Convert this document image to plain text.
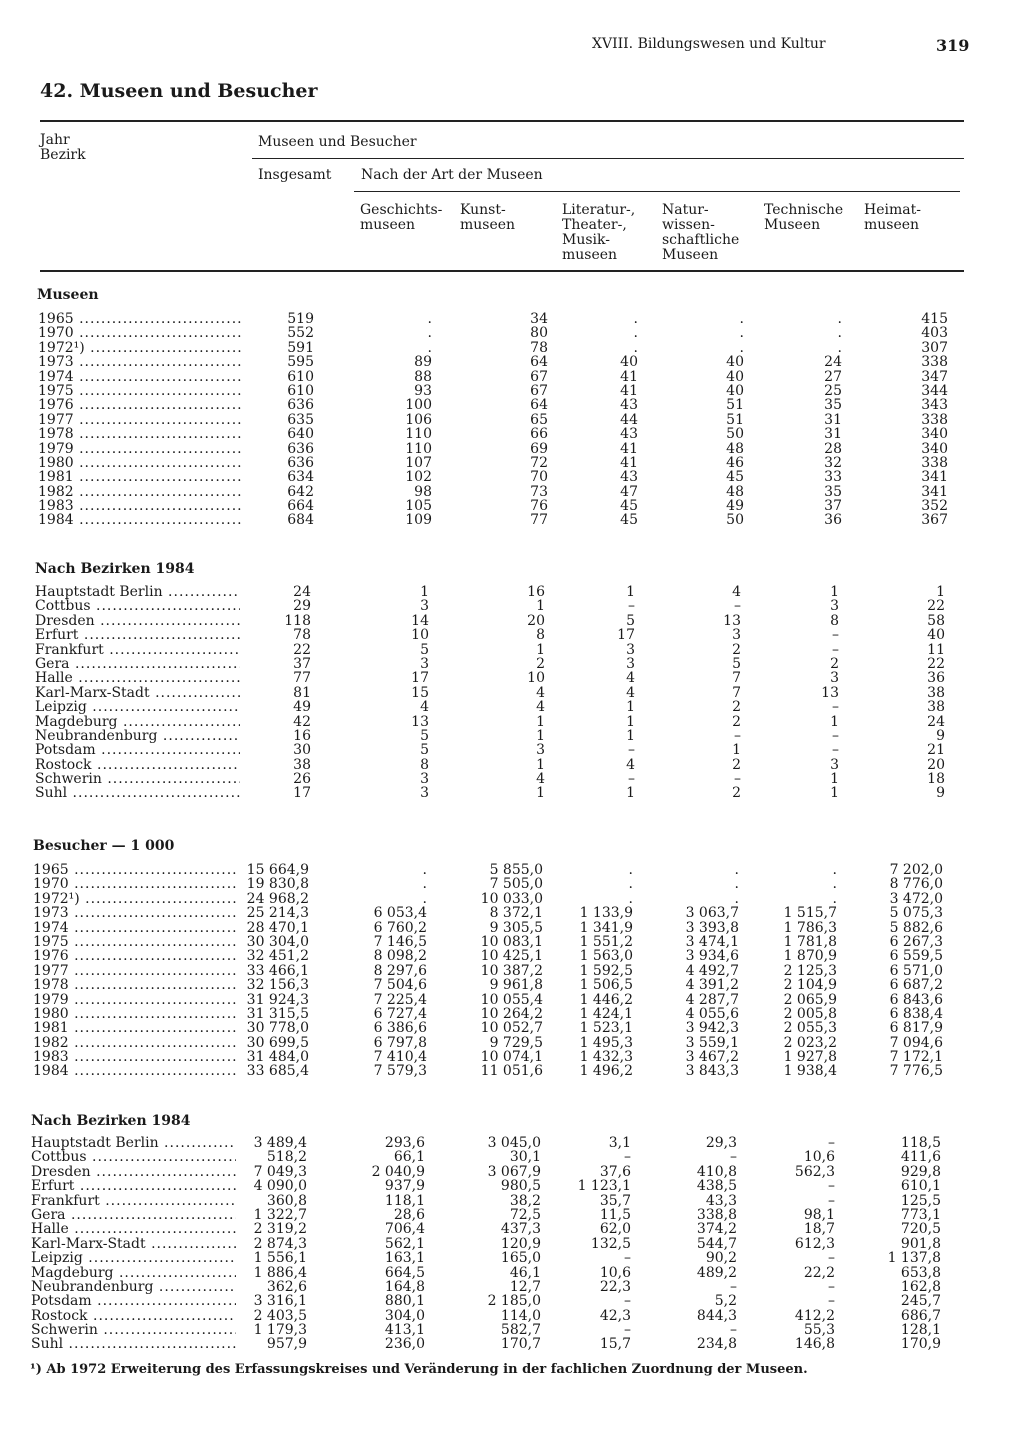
XVIII. Bildungswesen und Kultur	319
42. Museen und Besucher
Jahr
Bezirk
Museen und Besucher
Insgesamt Nach der Art der Museen
Geschichts-
museen
Kunst-
museen
Literatur-,
Theater-,
Musik-
museen
Natur-
wissen-
schaftliche
Museen
Technische
Museen
Heimat-
museen
Museen
Nach Bezirken 1984
Besucher — 1 000
Nach Bezirken 1984
1965 .....	519	.	34	.	.	.	415
1970 .....	552	.	80	.	.	.	403
1972¹) .....	591	.	78	.	.	.	307
1973 .....	595	89	64	40	40	24	338
1974 .....	610	88	67	41	40	27	347
1975 .....	610	93	67	41	40	25	344
1976 .....	636	100	64	43	51	35	343
1977 .....	635	106	65	44	51	31	338
1978 .....	640	110	66	43	50	31	340
1979 .....	636	110	69	41	48	28	340
1980 .....	636	107	72	41	46	32	338
1981 .....	634	102	70	43	45	33	341
1982 .....	642	98	73	47	48	35	341
1983 .....	664	105	76	45	49	37	352
1984 .....	684	109	77	45	50	36	367
Hauptstadt Berlin .....	24	1	16	1	4	1	1
Cottbus .....	29	3	1	–	–	3	22
Dresden .....	118	14	20	5	13	8	58
Erfurt .....	78	10	8	17	3	–	40
Frankfurt .....	22	5	1	3	2	–	11
Gera .....	37	3	2	3	5	2	22
Halle .....	77	17	10	4	7	3	36
Karl-Marx-Stadt .....	81	15	4	4	7	13	38
Leipzig .....	49	4	4	1	2	–	38
Magdeburg .....	42	13	1	1	2	1	24
Neubrandenburg .....	16	5	1	1	–	–	9
Potsdam .....	30	5	3	–	1	–	21
Rostock .....	38	8	1	4	2	3	20
Schwerin .....	26	3	4	–	–	1	18
Suhl .....	17	3	1	1	2	1	9
1965 .....	15 664,9	.	5 855,0	.	.	.	7 202,0
1970 .....	19 830,8	.	7 505,0	.	.	.	8 776,0
1972¹) .....	24 968,2	.	10 033,0	.	.	.	3 472,0
1973 .....	25 214,3	6 053,4	8 372,1	1 133,9	3 063,7	1 515,7	5 075,3
1974 .....	28 470,1	6 760,2	9 305,5	1 341,9	3 393,8	1 786,3	5 882,6
1975 .....	30 304,0	7 146,5	10 083,1	1 551,2	3 474,1	1 781,8	6 267,3
1976 .....	32 451,2	8 098,2	10 425,1	1 563,0	3 934,6	1 870,9	6 559,5
1977 .....	33 466,1	8 297,6	10 387,2	1 592,5	4 492,7	2 125,3	6 571,0
1978 .....	32 156,3	7 504,6	9 961,8	1 506,5	4 391,2	2 104,9	6 687,2
1979 .....	31 924,3	7 225,4	10 055,4	1 446,2	4 287,7	2 065,9	6 843,6
1980 .....	31 315,5	6 727,4	10 264,2	1 424,1	4 055,6	2 005,8	6 838,4
1981 .....	30 778,0	6 386,6	10 052,7	1 523,1	3 942,3	2 055,3	6 817,9
1982 .....	30 699,5	6 797,8	9 729,5	1 495,3	3 559,1	2 023,2	7 094,6
1983 .....	31 484,0	7 410,4	10 074,1	1 432,3	3 467,2	1 927,8	7 172,1
1984 .....	33 685,4	7 579,3	11 051,6	1 496,2	3 843,3	1 938,4	7 776,5
Hauptstadt Berlin .....	3 489,4	293,6	3 045,0	3,1	29,3	–	118,5
Cottbus .....	518,2	66,1	30,1	–	–	10,6	411,6
Dresden .....	7 049,3	2 040,9	3 067,9	37,6	410,8	562,3	929,8
Erfurt .....	4 090,0	937,9	980,5	1 123,1	438,5	–	610,1
Frankfurt .....	360,8	118,1	38,2	35,7	43,3	–	125,5
Gera .....	1 322,7	28,6	72,5	11,5	338,8	98,1	773,1
Halle .....	2 319,2	706,4	437,3	62,0	374,2	18,7	720,5
Karl-Marx-Stadt .....	2 874,3	562,1	120,9	132,5	544,7	612,3	901,8
Leipzig .....	1 556,1	163,1	165,0	–	90,2	–	1 137,8
Magdeburg .....	1 886,4	664,5	46,1	10,6	489,2	22,2	653,8
Neubrandenburg .....	362,6	164,8	12,7	22,3	–	–	162,8
Potsdam .....	3 316,1	880,1	2 185,0	–	5,2	–	245,7
Rostock .....	2 403,5	304,0	114,0	42,3	844,3	412,2	686,7
Schwerin .....	1 179,3	413,1	582,7	–	–	55,3	128,1
Suhl .....	957,9	236,0	170,7	15,7	234,8	146,8	170,9
¹) Ab 1972 Erweiterung des Erfassungskreises und Veränderung in der fachlichen Zuordnung der Museen.
